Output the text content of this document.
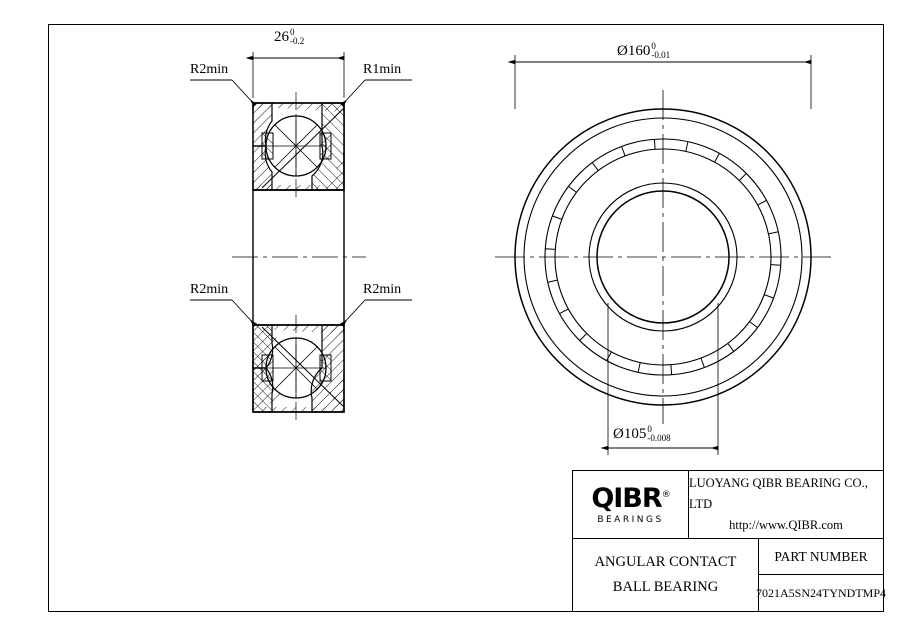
26 0
-0.2
Ø160 0
-0.01
Ø105 0
-0.008
R2min	R1min
R2min	R2min
QIBR®
BEARINGS
LUOYANG QIBR BEARING CO., LTD
http://www.QIBR.com
ANGULAR CONTACT
BALL BEARING
PART NUMBER
7021A5SN24TYNDTMP4
